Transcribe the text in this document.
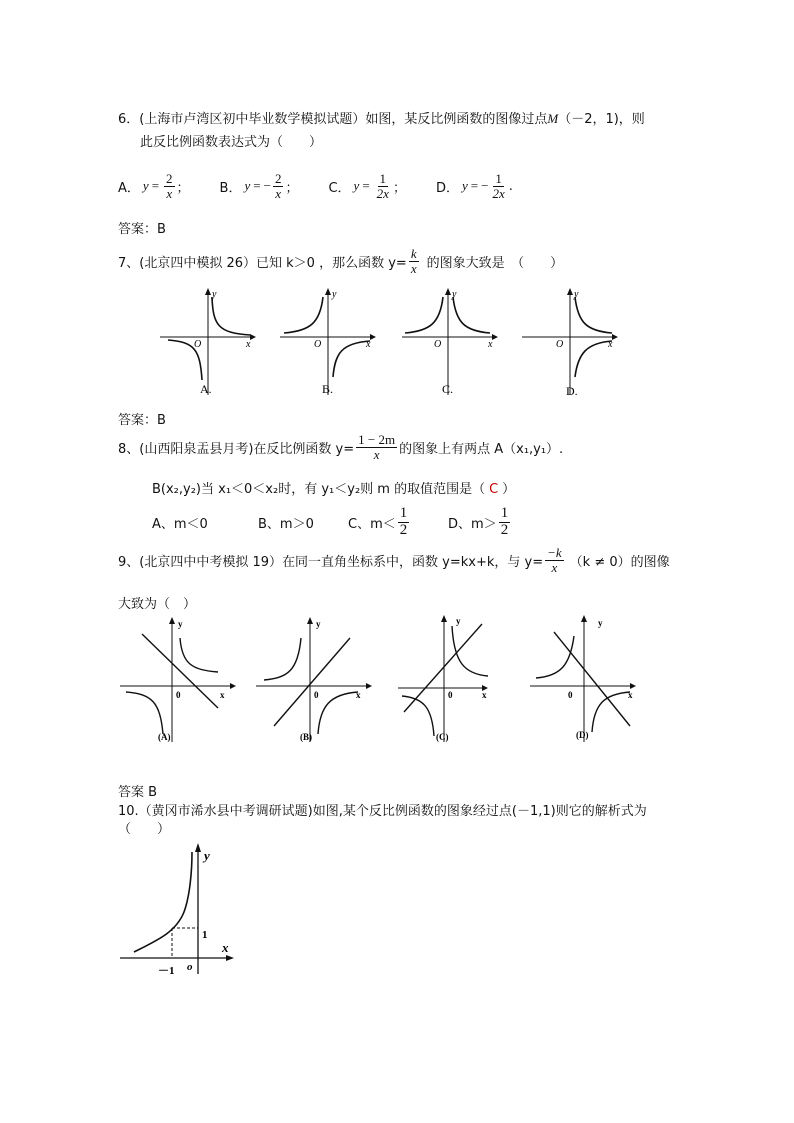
6．(上海市卢湾区初中毕业数学模拟试题）如图，某反比例函数的图像过点M（－2，1)，则
此反比例函数表达式为（　　）
A． $y = \frac{2}{x}$ ； B． y = − $\frac{2}{x}$ ； C． $y = \frac{1}{2x}$ ； D． y = − $\frac{1}{2x}$ .
答案：B
7、(北京四中模拟 26）已知 k＞0 ，那么函数 $y= \frac{k}{x}$ 的图象大致是　（　　）
y
x
O
A.
y
x
O
B.
y
x
O
C.
y
x
O
D.
答案：B
8、(山西阳泉盂县月考)在反比例函数 $y= \frac{1 - 2m}{x}$ 的图象上有两点 A（x₁,y₁）.
B(x₂,y₂)当 x₁＜0＜x₂时，有 y₁＜y₂则 m 的取值范围是（ C ）
A、m＜0	B、m＞0	C、$m< \frac{1}{2}$	D、$m> \frac{1}{2}$
9、(北京四中中考模拟 19）在同一直角坐标系中，函数 y=kx+k，与 $y= \frac{-k}{x} (k \ne 0)$的图像
大致为（　）
y
x
0
(A)
y
x
0
(B)
y
x
0
(C)
y
x
0
(D)
答案 B
10.（黄冈市浠水县中考调研试题)如图,某个反比例函数的图象经过点(－1,1)则它的解析式为
（　　）
y
x
1
－1 o
